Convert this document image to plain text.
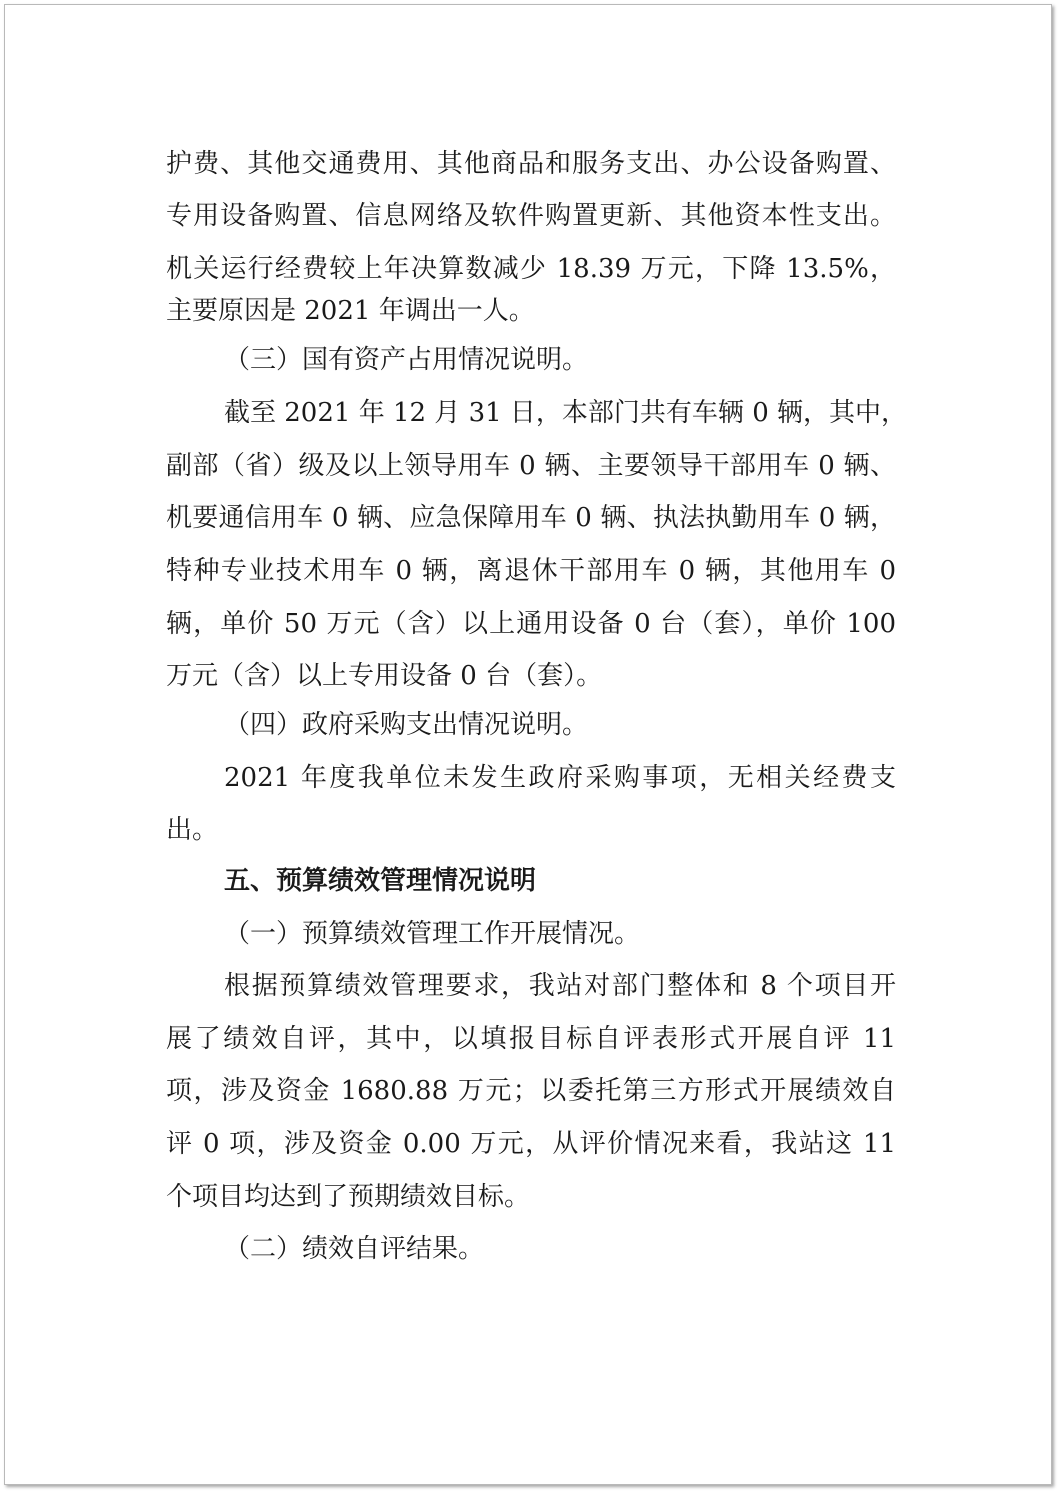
护费、其他交通费用、其他商品和服务支出、办公设备购置、
专用设备购置、信息网络及软件购置更新、其他资本性支出。
机关运行经费较上年决算数减少 18.39 万元，下降 13.5%，
主要原因是 2021 年调出一人。
（三）国有资产占用情况说明。
截至 2021 年 12 月 31 日，本部门共有车辆 0 辆，其中，
副部（省）级及以上领导用车 0 辆、主要领导干部用车 0 辆、
机要通信用车 0 辆、应急保障用车 0 辆、执法执勤用车 0 辆，
特种专业技术用车 0 辆，离退休干部用车 0 辆，其他用车 0
辆，单价 50 万元（含）以上通用设备 0 台（套），单价 100
万元（含）以上专用设备 0 台（套）。
（四）政府采购支出情况说明。
2021 年度我单位未发生政府采购事项，无相关经费支
出。
五、预算绩效管理情况说明
（一）预算绩效管理工作开展情况。
根据预算绩效管理要求，我站对部门整体和 8 个项目开
展了绩效自评，其中，以填报目标自评表形式开展自评 11
项，涉及资金 1680.88 万元；以委托第三方形式开展绩效自
评 0 项，涉及资金 0.00 万元，从评价情况来看，我站这 11
个项目均达到了预期绩效目标。
（二）绩效自评结果。
